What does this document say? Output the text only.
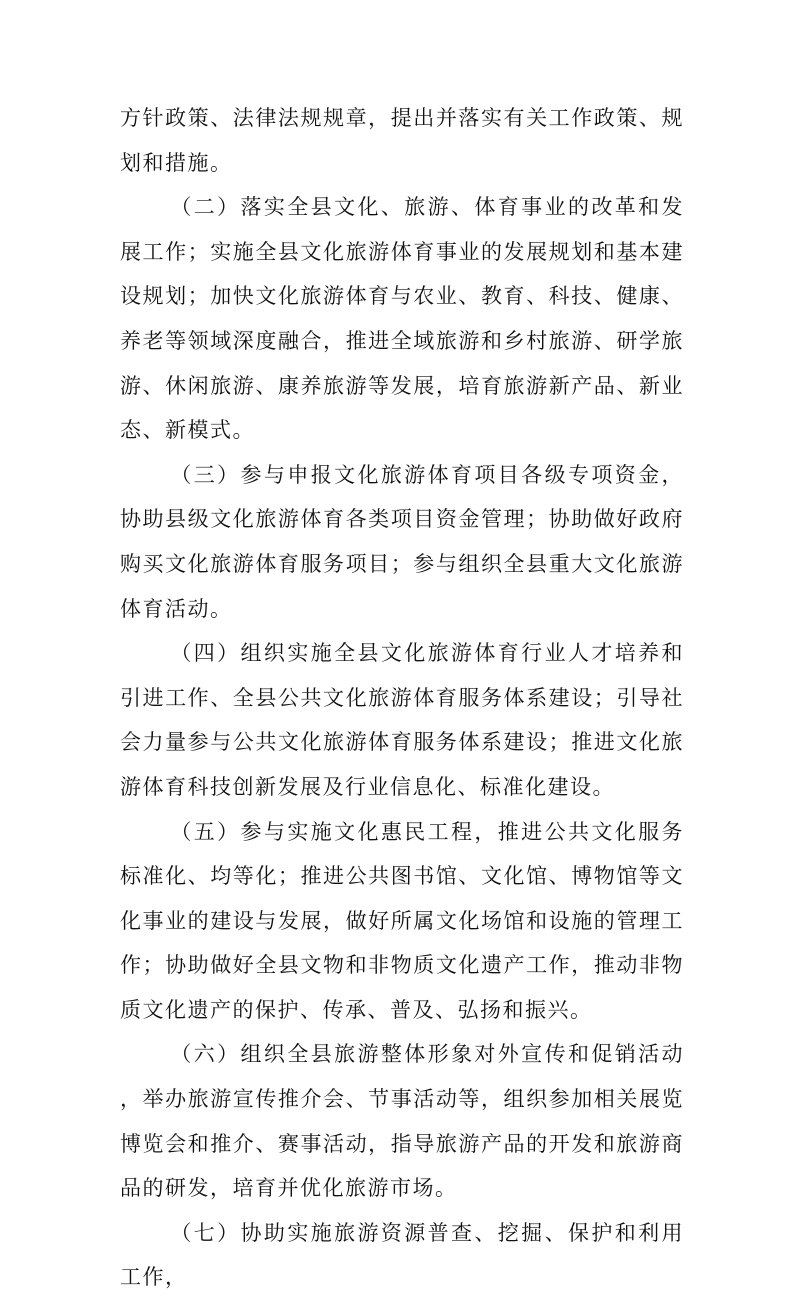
方针政策、法律法规规章，提出并落实有关工作政策、规划和措施。

（二）落实全县文化、旅游、体育事业的改革和发展工作；实施全县文化旅游体育事业的发展规划和基本建设规划；加快文化旅游体育与农业、教育、科技、健康、养老等领域深度融合，推进全域旅游和乡村旅游、研学旅游、休闲旅游、康养旅游等发展，培育旅游新产品、新业态、新模式。

（三）参与申报文化旅游体育项目各级专项资金，协助县级文化旅游体育各类项目资金管理；协助做好政府购买文化旅游体育服务项目；参与组织全县重大文化旅游体育活动。

（四）组织实施全县文化旅游体育行业人才培养和引进工作、全县公共文化旅游体育服务体系建设；引导社会力量参与公共文化旅游体育服务体系建设；推进文化旅游体育科技创新发展及行业信息化、标准化建设。

（五）参与实施文化惠民工程，推进公共文化服务标准化、均等化；推进公共图书馆、文化馆、博物馆等文化事业的建设与发展，做好所属文化场馆和设施的管理工作；协助做好全县文物和非物质文化遗产工作，推动非物质文化遗产的保护、传承、普及、弘扬和振兴。

（六）组织全县旅游整体形象对外宣传和促销活动，举办旅游宣传推介会、节事活动等，组织参加相关展览博览会和推介、赛事活动，指导旅游产品的开发和旅游商品的研发，培育并优化旅游市场。

（七）协助实施旅游资源普查、挖掘、保护和利用工作，
